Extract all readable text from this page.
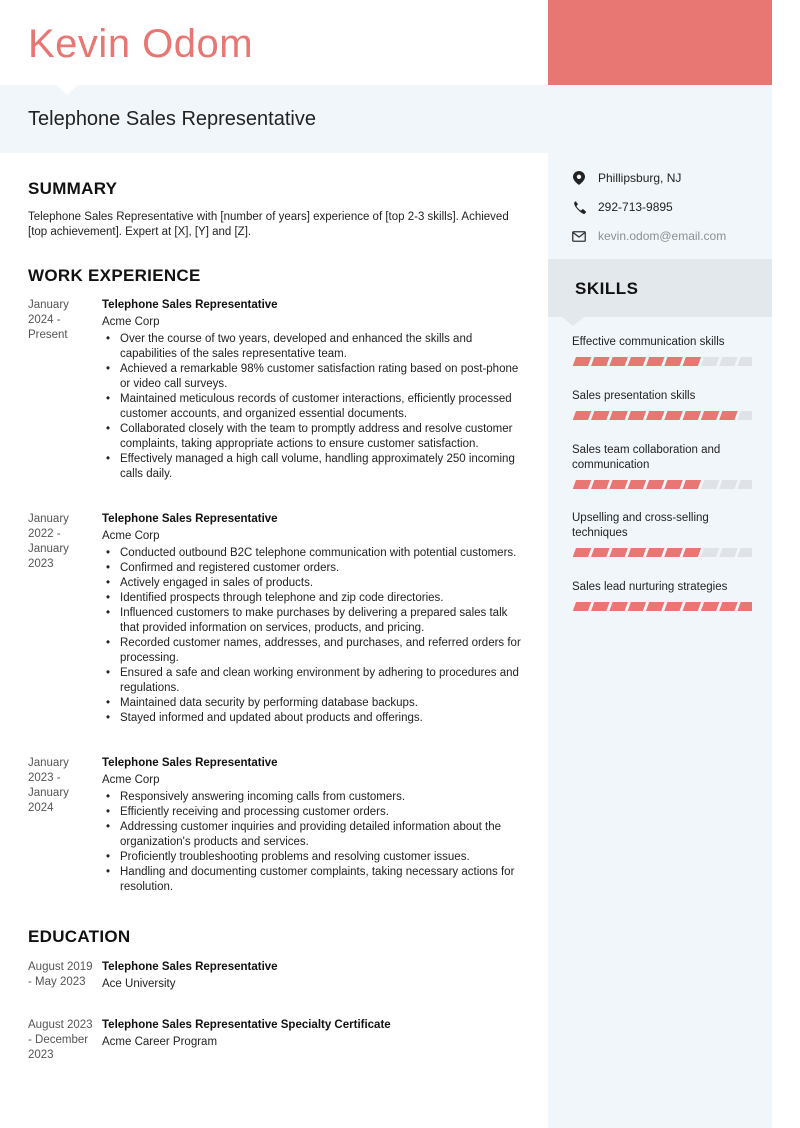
Kevin Odom
Telephone Sales Representative
Phillipsburg, NJ
292-713-9895
kevin.odom@email.com
SKILLS
Effective communication skills
Sales presentation skills
Sales team collaboration and communication
Upselling and cross-selling techniques
Sales lead nurturing strategies
SUMMARY

Telephone Sales Representative with [number of years] experience of [top 2-3 skills]. Achieved [top achievement]. Expert at [X], [Y] and [Z].

WORK EXPERIENCE
January 2024 - Present
Telephone Sales Representative
Acme Corp
• Over the course of two years, developed and enhanced the skills and capabilities of the sales representative team.
• Achieved a remarkable 98% customer satisfaction rating based on post-phone or video call surveys.
• Maintained meticulous records of customer interactions, efficiently processed customer accounts, and organized essential documents.
• Collaborated closely with the team to promptly address and resolve customer complaints, taking appropriate actions to ensure customer satisfaction.
• Effectively managed a high call volume, handling approximately 250 incoming calls daily.
January 2022 - January 2023
Telephone Sales Representative
Acme Corp
• Conducted outbound B2C telephone communication with potential customers.
• Confirmed and registered customer orders.
• Actively engaged in sales of products.
• Identified prospects through telephone and zip code directories.
• Influenced customers to make purchases by delivering a prepared sales talk that provided information on services, products, and pricing.
• Recorded customer names, addresses, and purchases, and referred orders for processing.
• Ensured a safe and clean working environment by adhering to procedures and regulations.
• Maintained data security by performing database backups.
• Stayed informed and updated about products and offerings.
January 2023 - January 2024
Telephone Sales Representative
Acme Corp
• Responsively answering incoming calls from customers.
• Efficiently receiving and processing customer orders.
• Addressing customer inquiries and providing detailed information about the organization's products and services.
• Proficiently troubleshooting problems and resolving customer issues.
• Handling and documenting customer complaints, taking necessary actions for resolution.
EDUCATION
August 2019 - May 2023
Telephone Sales Representative
Ace University
August 2023 - December 2023
Telephone Sales Representative Specialty Certificate
Acme Career Program
